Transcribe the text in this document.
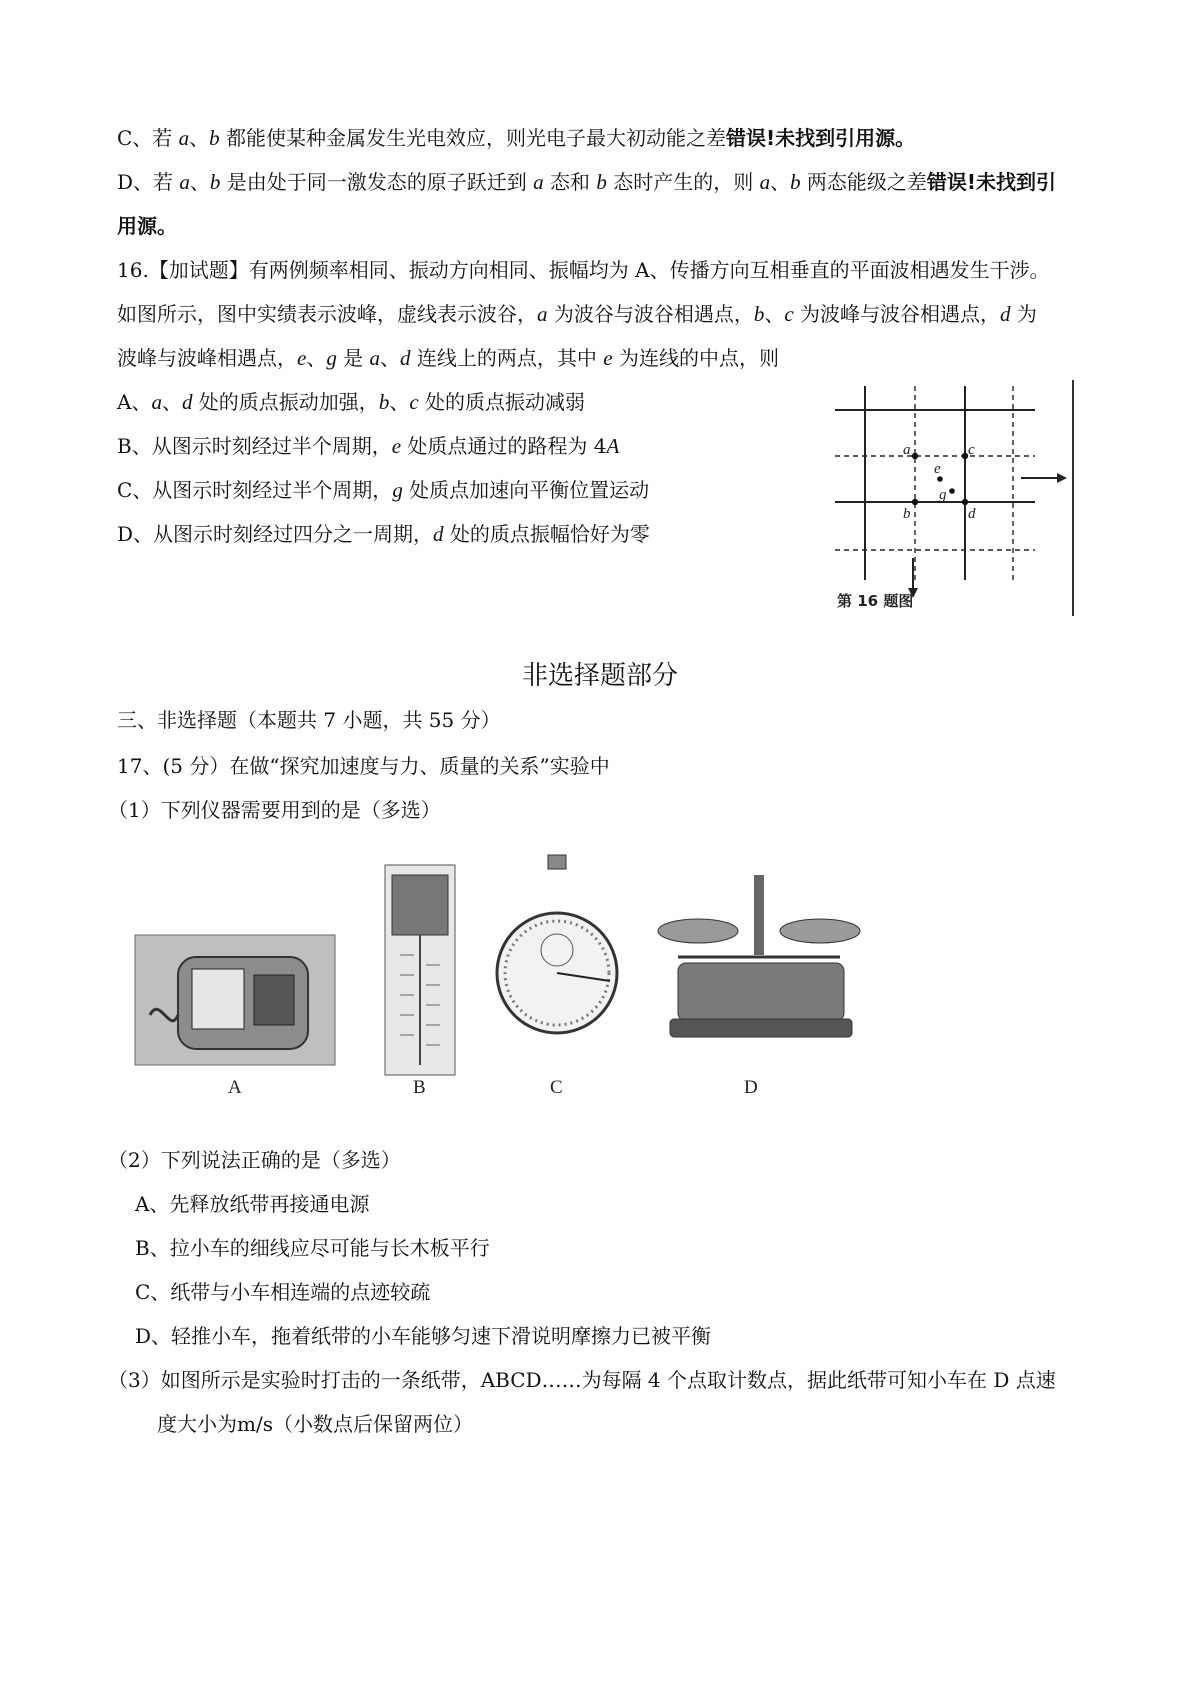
C、若 a、b 都能使某种金属发生光电效应，则光电子最大初动能之差错误!未找到引用源。
D、若 a、b 是由处于同一激发态的原子跃迁到 a 态和 b 态时产生的，则 a、b 两态能级之差错误!未找到引
用源。
16.【加试题】有两例频率相同、振动方向相同、振幅均为 A、传播方向互相垂直的平面波相遇发生干涉。
如图所示，图中实绩表示波峰，虚线表示波谷，a 为波谷与波谷相遇点，b、c 为波峰与波谷相遇点，d 为
波峰与波峰相遇点，e、g 是 a、d 连线上的两点，其中 e 为连线的中点，则
A、a、d 处的质点振动加强，b、c 处的质点振动减弱
B、从图示时刻经过半个周期，e 处质点通过的路程为 4A
C、从图示时刻经过半个周期，g 处质点加速向平衡位置运动
D、从图示时刻经过四分之一周期，d 处的质点振幅恰好为零
a	c
b	d
e
g
第 16 题图
非选择题部分
三、非选择题（本题共 7 小题，共 55 分）
17、(5 分）在做“探究加速度与力、质量的关系”实验中
（1）下列仪器需要用到的是（多选）
A	B	C	D
（2）下列说法正确的是（多选）
A、先释放纸带再接通电源
B、拉小车的细线应尽可能与长木板平行
C、纸带与小车相连端的点迹较疏
D、轻推小车，拖着纸带的小车能够匀速下滑说明摩擦力已被平衡
（3）如图所示是实验时打击的一条纸带，ABCD……为每隔 4 个点取计数点，据此纸带可知小车在 D 点速
度大小为m/s（小数点后保留两位）
